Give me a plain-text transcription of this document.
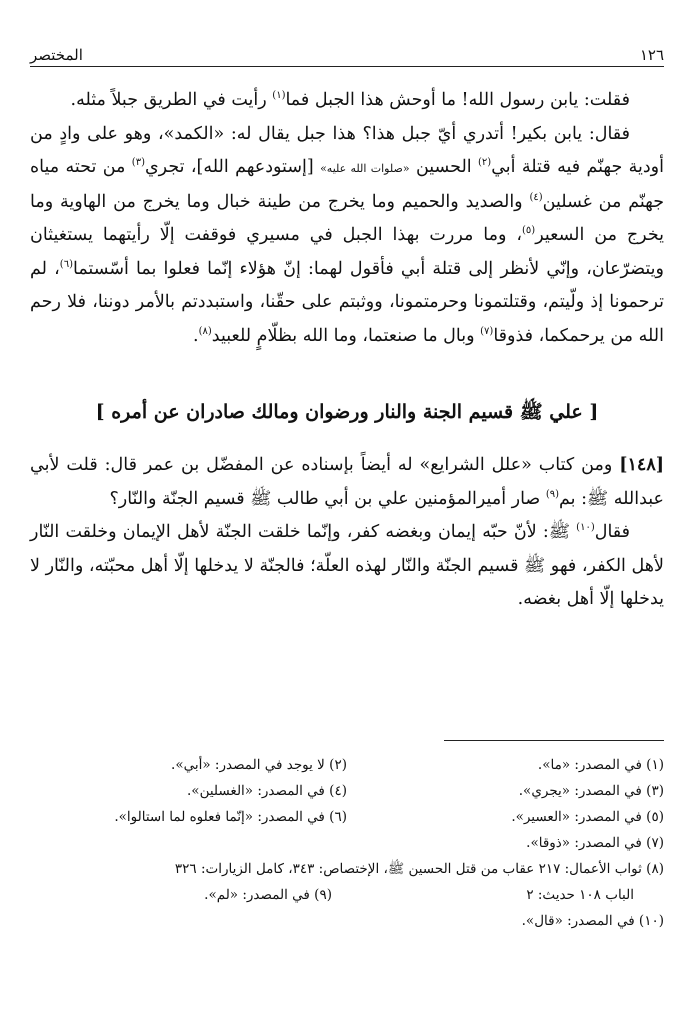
١٢٦
المختصر

فقلت: يابن رسول الله! ما أوحش هذا الجبل فما$^{(١)}$ رأيت في الطريق جبلاً مثله.

فقال: يابن بكير! أتدري أيّ جبل هذا؟ هذا جبل يقال له: «الكمد»، وهو على وادٍ من أودية جهنّم فيه قتلة أبي$^{(٢)}$ الحسين «صلوات الله عليه» [إستودعهم الله]، تجري$^{(٣)}$ من تحته مياه جهنّم من غسلين$^{(٤)}$ والصديد والحميم وما يخرج من طينة خبال وما يخرج من الهاوية وما يخرج من السعير$^{(٥)}$، وما مررت بهذا الجبل في مسيري فوقفت إلّا رأيتهما يستغيثان ويتضرّعان، وإنّي لأنظر إلى قتلة أبي فأقول لهما: إنّ هؤلاء إنّما فعلوا بما أسّستما$^{(٦)}$، لم ترحمونا إذ ولّيتم، وقتلتمونا وحرمتمونا، ووثبتم على حقّنا، واستبددتم بالأمر دوننا، فلا رحم الله من يرحمكما، فذوقا$^{(٧)}$ وبال ما صنعتما، وما الله بظلّامٍ للعبيد$^{(٨)}$.

[ علي ﷺ قسيم الجنة والنار ورضوان ومالك صادران عن أمره ]

[١٤٨] ومن كتاب «علل الشرايع» له أيضاً بإسناده عن المفضّل بن عمر قال: قلت لأبي عبدالله ﷺ: بم$^{(٩)}$ صار أميرالمؤمنين علي بن أبي طالب ﷺ قسيم الجنّة والنّار؟

فقال$^{(١٠)}$ ﷺ: لأنّ حبّه إيمان وبغضه كفر، وإنّما خلقت الجنّة لأهل الإيمان وخلقت النّار لأهل الكفر، فهو ﷺ قسيم الجنّة والنّار لهذه العلّة؛ فالجنّة لا يدخلها إلّا أهل محبّته، والنّار لا يدخلها إلّا أهل بغضه.

(١) في المصدر: «ما».
(٢) لا يوجد في المصدر: «أبي».
(٣) في المصدر: «يجري».
(٤) في المصدر: «الغسلين».
(٥) في المصدر: «العسير».
(٦) في المصدر: «إنّما فعلوه لما استالوا».
(٧) في المصدر: «ذوقا».
(٨) ثواب الأعمال: ٢١٧ عقاب من قتل الحسين ﷺ، الإختصاص: ٣٤٣، كامل الزيارات: ٣٢٦
الباب ١٠٨ حديث: ٢
(٩) في المصدر: «لم».
(١٠) في المصدر: «قال».
